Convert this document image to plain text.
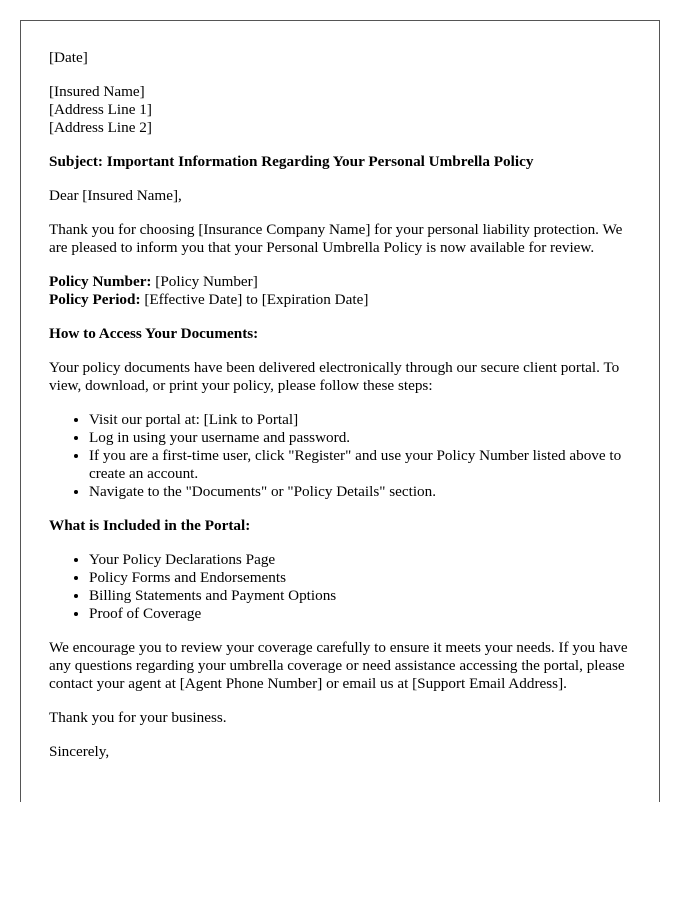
[Date]

[Insured Name]
[Address Line 1]
[Address Line 2]

Subject: Important Information Regarding Your Personal Umbrella Policy

Dear [Insured Name],

Thank you for choosing [Insurance Company Name] for your personal liability protection. We are pleased to inform you that your Personal Umbrella Policy is now available for review.

Policy Number: [Policy Number]
Policy Period: [Effective Date] to [Expiration Date]

How to Access Your Documents:

Your policy documents have been delivered electronically through our secure client portal. To view, download, or print your policy, please follow these steps:

• Visit our portal at: [Link to Portal]
• Log in using your username and password.
• If you are a first-time user, click "Register" and use your Policy Number listed above to create an account.
• Navigate to the "Documents" or "Policy Details" section.

What is Included in the Portal:

• Your Policy Declarations Page
• Policy Forms and Endorsements
• Billing Statements and Payment Options
• Proof of Coverage

We encourage you to review your coverage carefully to ensure it meets your needs. If you have any questions regarding your umbrella coverage or need assistance accessing the portal, please contact your agent at [Agent Phone Number] or email us at [Support Email Address].

Thank you for your business.

Sincerely,
